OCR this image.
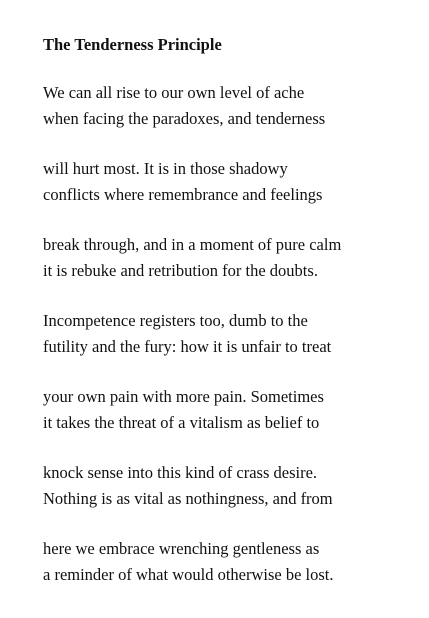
The Tenderness Principle
We can all rise to our own level of ache
when facing the paradoxes, and tenderness
will hurt most. It is in those shadowy
conflicts where remembrance and feelings
break through, and in a moment of pure calm
it is rebuke and retribution for the doubts.
Incompetence registers too, dumb to the
futility and the fury: how it is unfair to treat
your own pain with more pain. Sometimes
it takes the threat of a vitalism as belief to
knock sense into this kind of crass desire.
Nothing is as vital as nothingness, and from
here we embrace wrenching gentleness as
a reminder of what would otherwise be lost.
